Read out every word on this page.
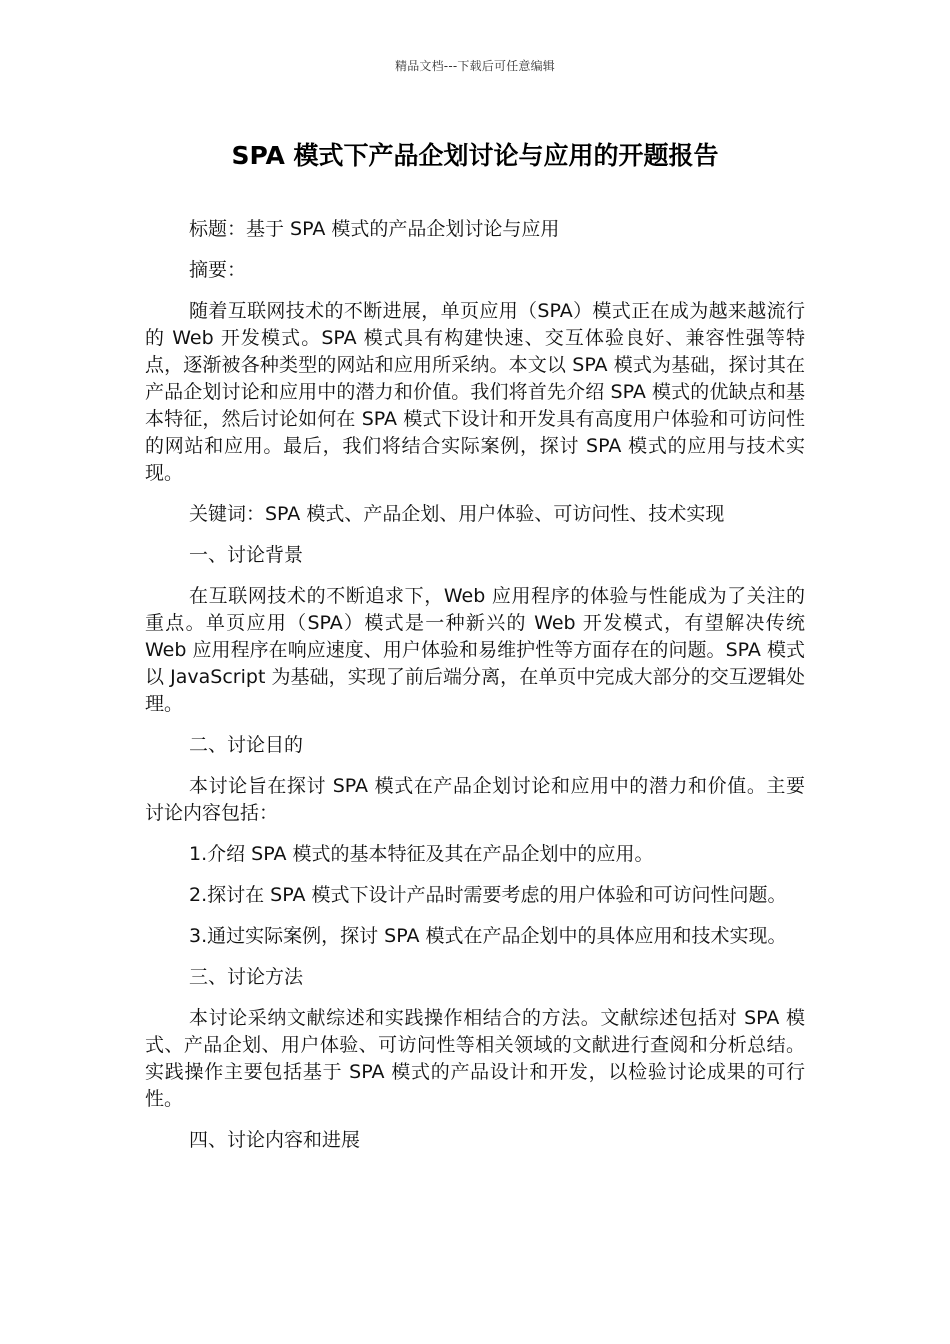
精品文档---下载后可任意编辑
SPA 模式下产品企划讨论与应用的开题报告

标题：基于 SPA 模式的产品企划讨论与应用

摘要：

随着互联网技术的不断进展，单页应用（SPA）模式正在成为越来越流行的 Web 开发模式。SPA 模式具有构建快速、交互体验良好、兼容性强等特点，逐渐被各种类型的网站和应用所采纳。本文以 SPA 模式为基础，探讨其在产品企划讨论和应用中的潜力和价值。我们将首先介绍 SPA 模式的优缺点和基本特征，然后讨论如何在 SPA 模式下设计和开发具有高度用户体验和可访问性的网站和应用。最后，我们将结合实际案例，探讨 SPA 模式的应用与技术实现。

关键词：SPA 模式、产品企划、用户体验、可访问性、技术实现

一、讨论背景

在互联网技术的不断追求下，Web 应用程序的体验与性能成为了关注的重点。单页应用（SPA）模式是一种新兴的 Web 开发模式，有望解决传统 Web 应用程序在响应速度、用户体验和易维护性等方面存在的问题。SPA 模式以 JavaScript 为基础，实现了前后端分离，在单页中完成大部分的交互逻辑处理。

二、讨论目的

本讨论旨在探讨 SPA 模式在产品企划讨论和应用中的潜力和价值。主要讨论内容包括：

1.介绍 SPA 模式的基本特征及其在产品企划中的应用。

2.探讨在 SPA 模式下设计产品时需要考虑的用户体验和可访问性问题。

3.通过实际案例，探讨 SPA 模式在产品企划中的具体应用和技术实现。

三、讨论方法

本讨论采纳文献综述和实践操作相结合的方法。文献综述包括对 SPA 模式、产品企划、用户体验、可访问性等相关领域的文献进行查阅和分析总结。实践操作主要包括基于 SPA 模式的产品设计和开发，以检验讨论成果的可行性。

四、讨论内容和进展
